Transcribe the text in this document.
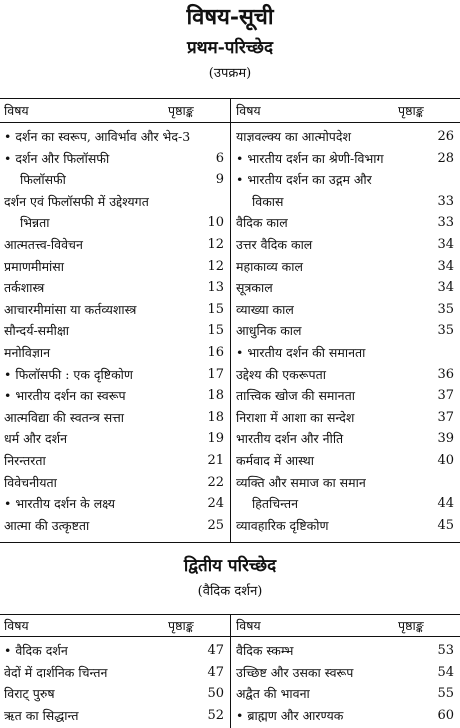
विषय-सूची
प्रथम-परिच्छेद
(उपक्रम)
विषय	पृष्ठाङ्क	विषय	पृष्ठाङ्क
• दर्शन का स्वरूप, आविर्भाव और भेद-3
• दर्शन और फिलॉसफी	6
फिलॉसफी	9
दर्शन एवं फिलॉसफी में उद्देश्यगत
भिन्नता	10
आत्मतत्त्व-विवेचन	12
प्रमाणमीमांसा	12
तर्कशास्त्र	13
आचारमीमांसा या कर्तव्यशास्त्र	15
सौन्दर्य-समीक्षा	15
मनोविज्ञान	16
• फिलॉसफी : एक दृष्टिकोण	17
• भारतीय दर्शन का स्वरूप	18
आत्मविद्या की स्वतन्त्र सत्ता	18
धर्म और दर्शन	19
निरन्तरता	21
विवेचनीयता	22
• भारतीय दर्शन के लक्ष्य	24
आत्मा की उत्कृष्टता	25
याज्ञवल्क्य का आत्मोपदेश	26
• भारतीय दर्शन का श्रेणी-विभाग	28
• भारतीय दर्शन का उद्गम और
विकास	33
वैदिक काल	33
उत्तर वैदिक काल	34
महाकाव्य काल	34
सूत्रकाल	34
व्याख्या काल	35
आधुनिक काल	35
• भारतीय दर्शन की समानता
उद्देश्य की एकरूपता	36
तात्त्विक खोज की समानता	37
निराशा में आशा का सन्देश	37
भारतीय दर्शन और नीति	39
कर्मवाद में आस्था	40
व्यक्ति और समाज का समान
हितचिन्तन	44
व्यावहारिक दृष्टिकोण	45
द्वितीय परिच्छेद
(वैदिक दर्शन)
विषय	पृष्ठाङ्क	विषय	पृष्ठाङ्क
• वैदिक दर्शन	47
वेदों में दार्शनिक चिन्तन	47
विराट् पुरुष	50
ऋत का सिद्धान्त	52
वैदिक स्कम्भ	53
उच्छिष्ट और उसका स्वरूप	54
अद्वैत की भावना	55
• ब्राह्मण और आरण्यक	60
